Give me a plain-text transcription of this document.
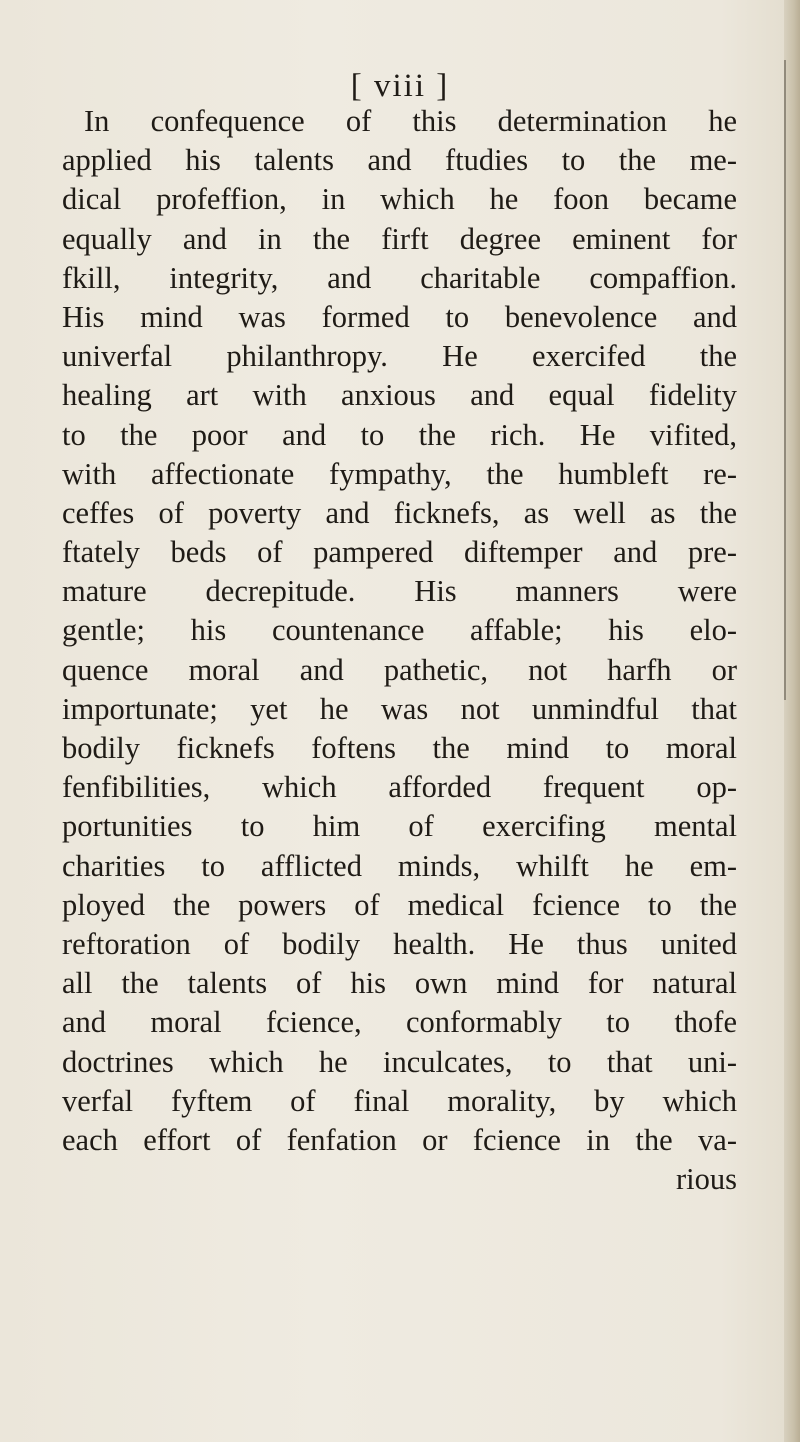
[ viii ]
In confequence of this determination he
applied his talents and ftudies to the me-
dical profeffion, in which he foon became
equally and in the firft degree eminent for
fkill, integrity, and charitable compaffion.
His mind was formed to benevolence and
univerfal philanthropy. He exercifed the
healing art with anxious and equal fidelity
to the poor and to the rich. He vifited,
with affectionate fympathy, the humbleft re-
ceffes of poverty and ficknefs, as well as the
ftately beds of pampered diftemper and pre-
mature decrepitude. His manners were
gentle; his countenance affable; his elo-
quence moral and pathetic, not harfh or
importunate; yet he was not unmindful that
bodily ficknefs foftens the mind to moral
fenfibilities, which afforded frequent op-
portunities to him of exercifing mental
charities to afflicted minds, whilft he em-
ployed the powers of medical fcience to the
reftoration of bodily health. He thus united
all the talents of his own mind for natural
and moral fcience, conformably to thofe
doctrines which he inculcates, to that uni-
verfal fyftem of final morality, by which
each effort of fenfation or fcience in the va-
rious
